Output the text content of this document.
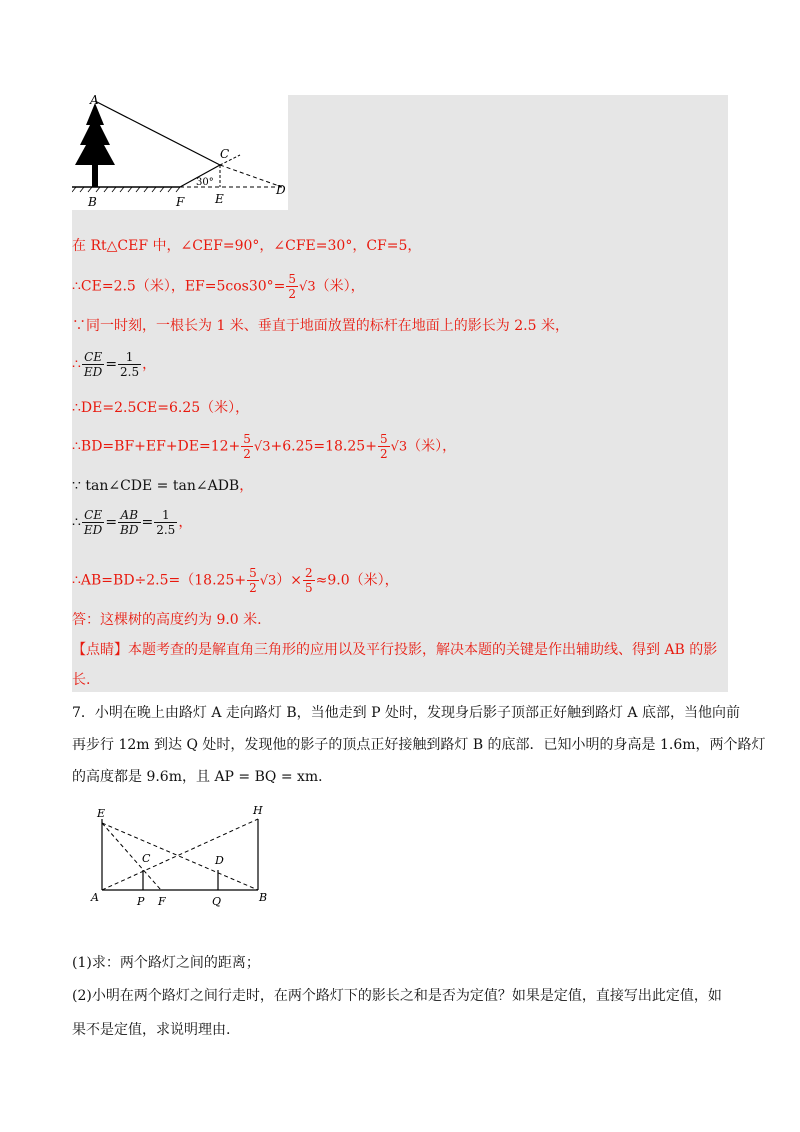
A
C
30°
D
B	F	E
在 Rt△CEF 中，∠CEF=90°，∠CFE=30°，CF=5，
∴CE=2.5（米），$EF=5\cos 30^\circ= \frac{5}{2} √3$（米），
∵同一时刻，一根长为 1 米、垂直于地面放置的标杆在地面上的影长为 2.5 米，
∴ $\frac{CE}{ED} = \frac{1}{2.5}$ ，
∴DE=2.5CE=6.25（米），
∴BD=BF+EF+DE=12+ $\frac{5}{2} √3+6.25=18.25+ \frac{5}{2} √3$（米），
∵ tan∠CDE = tan∠ADB，
∴ $\frac{CE}{ED} = \frac{AB}{BD} = \frac{1}{2.5}$ ，
∴AB=BD÷2.5=（18.25+ $\frac{5}{2} √3)\times \frac{2}{5} \approx 9.0$（米），
答：这棵树的高度约为 9.0 米.
【点睛】本题考查的是解直角三角形的应用以及平行投影，解决本题的关键是作出辅助线、得到 AB 的影
长.
7．小明在晚上由路灯 A 走向路灯 B，当他走到 P 处时，发现身后影子顶部正好触到路灯 A 底部，当他向前
再步行 12m 到达 Q 处时，发现他的影子的顶点正好接触到路灯 B 的底部．已知小明的身高是 1.6m，两个路灯
的高度都是 9.6m，且 AP = BQ = xm．
E	H
C	D
A	P F	Q	B
(1)求：两个路灯之间的距离；
(2)小明在两个路灯之间行走时，在两个路灯下的影长之和是否为定值？如果是定值，直接写出此定值，如
果不是定值，求说明理由.
